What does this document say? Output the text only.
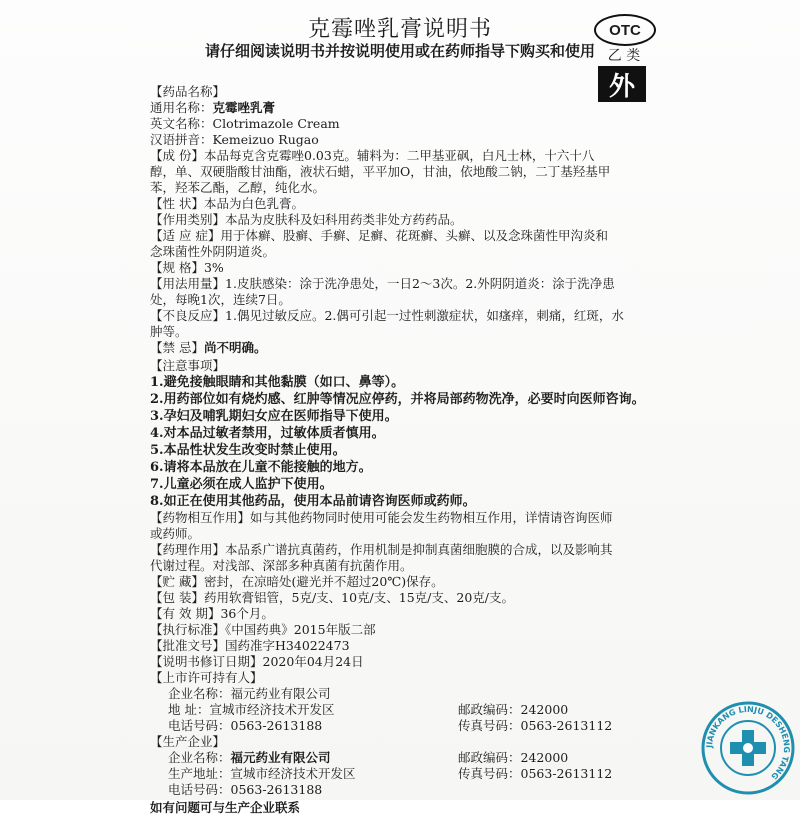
克霉唑乳膏说明书
请仔细阅读说明书并按说明使用或在药师指导下购买和使用
OTC
乙 类
外

【药品名称】

通用名称：克霉唑乳膏

英文名称：Clotrimazole Cream

汉语拼音：Kemeizuo Rugao

【成 份】本品每克含克霉唑0.03克。辅料为：二甲基亚砜，白凡士林，十六十八

醇，单、双硬脂酸甘油酯，液状石蜡，平平加O，甘油，依地酸二钠，二丁基羟基甲

苯，羟苯乙酯，乙醇，纯化水。

【性 状】本品为白色乳膏。

【作用类别】本品为皮肤科及妇科用药类非处方药药品。

【适 应 症】用于体癣、股癣、手癣、足癣、花斑癣、头癣、以及念珠菌性甲沟炎和

念珠菌性外阴阴道炎。

【规 格】3%

【用法用量】1.皮肤感染：涂于洗净患处，一日2～3次。2.外阴阴道炎：涂于洗净患

处，每晚1次，连续7日。

【不良反应】1.偶见过敏反应。2.偶可引起一过性刺激症状，如瘙痒，刺痛，红斑，水

肿等。

【禁 忌】尚不明确。

【注意事项】

1.避免接触眼睛和其他黏膜（如口、鼻等）。

2.用药部位如有烧灼感、红肿等情况应停药，并将局部药物洗净，必要时向医师咨询。

3.孕妇及哺乳期妇女应在医师指导下使用。

4.对本品过敏者禁用，过敏体质者慎用。

5.本品性状发生改变时禁止使用。

6.请将本品放在儿童不能接触的地方。

7.儿童必须在成人监护下使用。

8.如正在使用其他药品，使用本品前请咨询医师或药师。

【药物相互作用】如与其他药物同时使用可能会发生药物相互作用，详情请咨询医师

或药师。

【药理作用】本品系广谱抗真菌药，作用机制是抑制真菌细胞膜的合成，以及影响其

代谢过程。对浅部、深部多种真菌有抗菌作用。

【贮 藏】密封，在凉暗处(避光并不超过20℃)保存。

【包 装】药用软膏铝管，5克/支、10克/支、15克/支、20克/支。

【有 效 期】36个月。

【执行标准】《中国药典》2015年版二部

【批准文号】国药准字H34022473

【说明书修订日期】2020年04月24日

【上市许可持有人】

企业名称：福元药业有限公司
地 址：宣城市经济技术开发区	邮政编码：242000
电话号码：0563-2613188	传真号码：0563-2613112

【生产企业】

企业名称：福元药业有限公司	邮政编码：242000
生产地址：宣城市经济技术开发区	传真号码：0563-2613112
电话号码：0563-2613188

如有问题可与生产企业联系

JIANKANG LINJU DESHENG TANG
